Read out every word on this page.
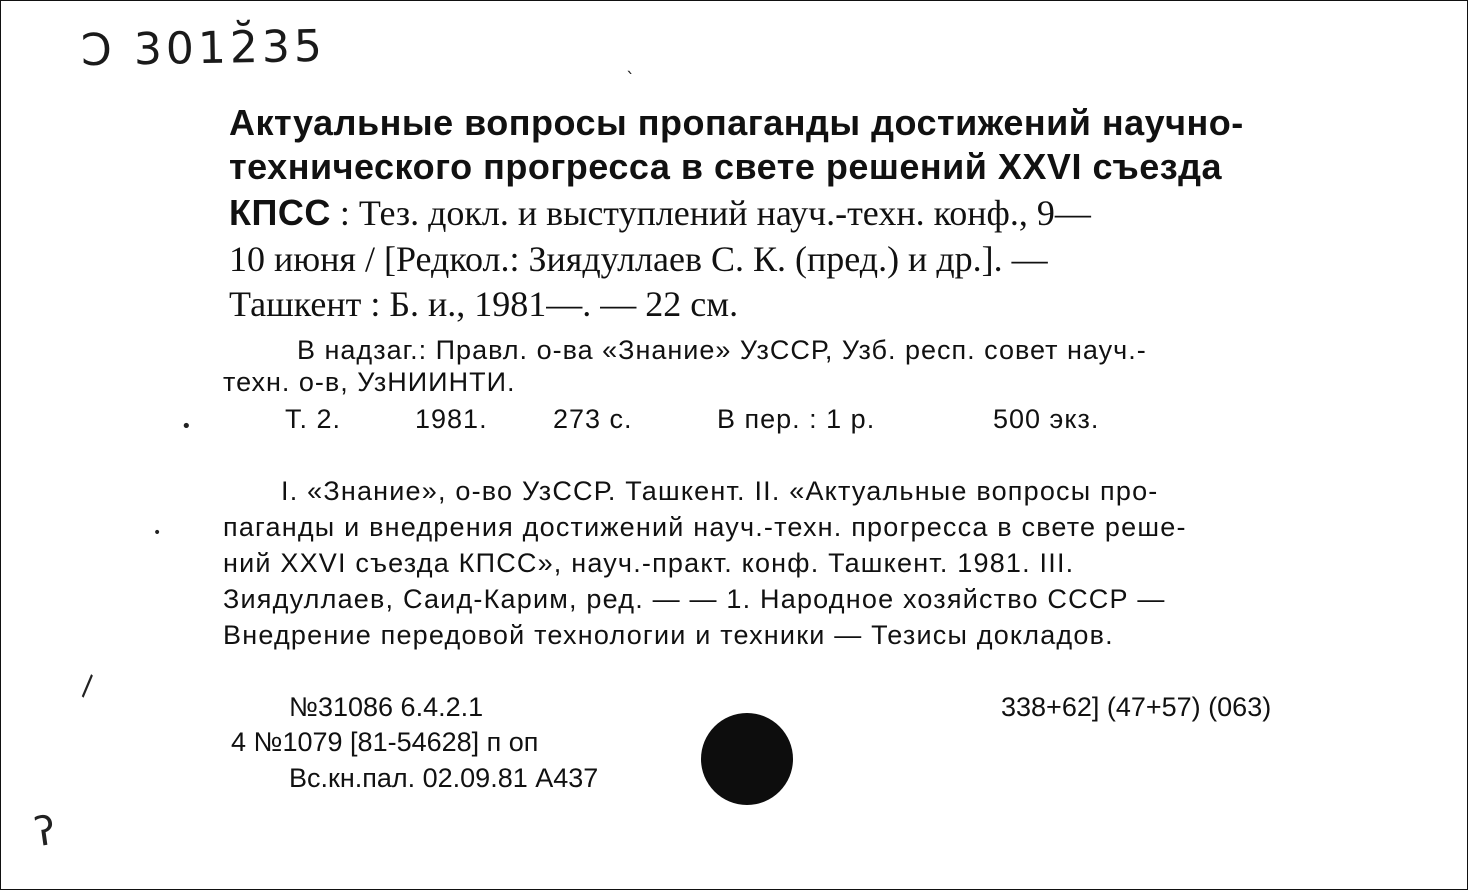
Ɔ 3012̆35
Актуальные вопросы пропаганды достижений научно-
технического прогресса в свете решений XXVI съезда
КПСС : Тез. докл. и выступлений науч.-техн. конф., 9—
10 июня / [Редкол.: Зиядуллаев С. К. (пред.) и др.]. —
Ташкент : Б. и., 1981—. — 22 см.
В надзаг.: Правл. о-ва «Знание» УзССР, Узб. респ. совет науч.-
техн. о-в, УзНИИНТИ.
Т. 2.	1981. 273 с.	В пер. : 1 р.	500 экз.
I. «Знание», о-во УзССР. Ташкент. II. «Актуальные вопросы про-
паганды и внедрения достижений науч.-техн. прогресса в свете реше-
ний XXVI съезда КПСС», науч.-практ. конф. Ташкент. 1981. III.
Зиядуллаев, Саид-Карим, ред. — — 1. Народное хозяйство СССР —
Внедрение передовой технологии и техники — Тезисы докладов.
№31086 6.4.2.1
4 №1079 [81-54628] п оп
Вс.кн.пал. 02.09.81 А437
338+62] (47+57) (063)
ˋ
•
•
\
ʔ
